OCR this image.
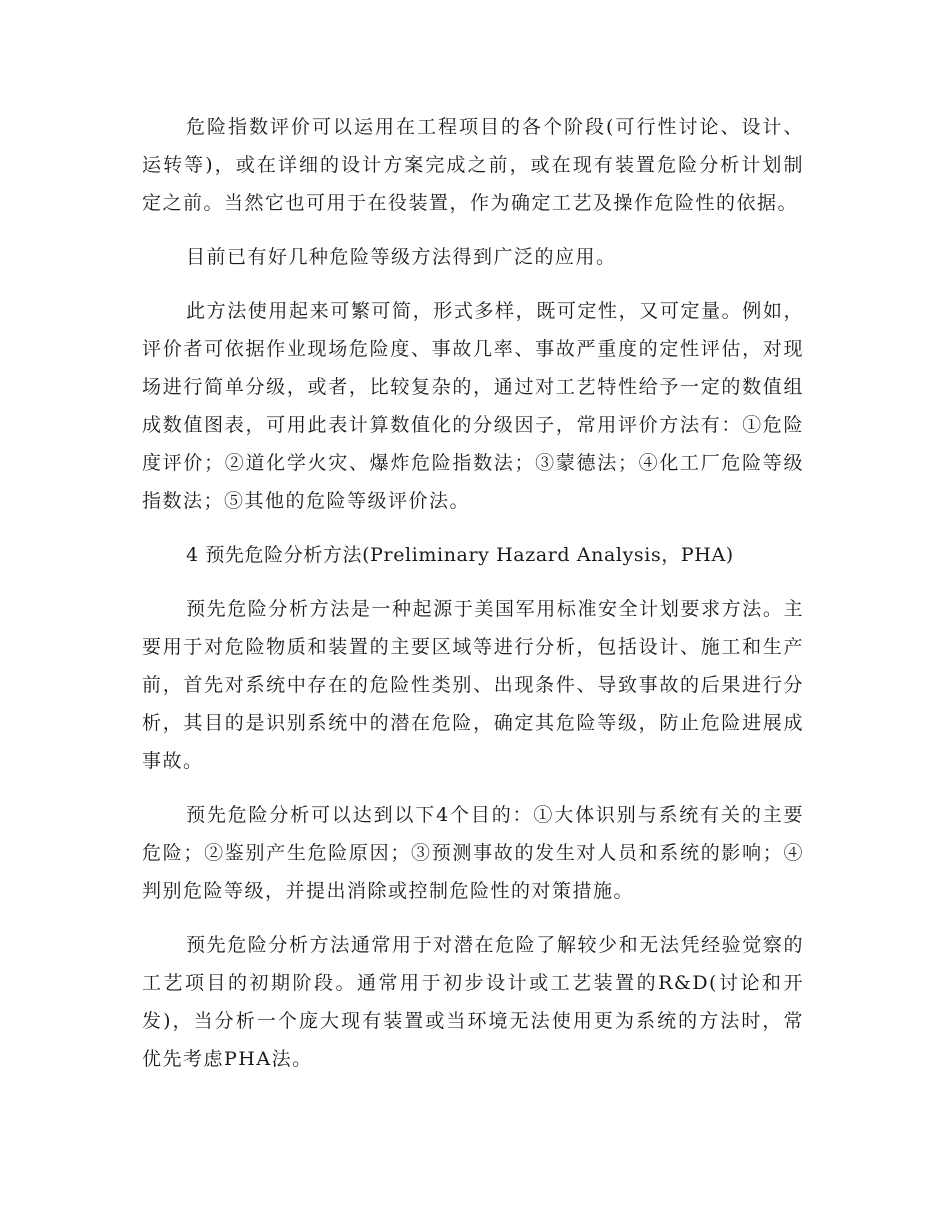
危险指数评价可以运用在工程项目的各个阶段(可行性讨论、设计、运转等)，或在详细的设计方案完成之前，或在现有装置危险分析计划制定之前。当然它也可用于在役装置，作为确定工艺及操作危险性的依据。

目前已有好几种危险等级方法得到广泛的应用。

此方法使用起来可繁可简，形式多样，既可定性，又可定量。例如，评价者可依据作业现场危险度、事故几率、事故严重度的定性评估，对现场进行简单分级，或者，比较复杂的，通过对工艺特性给予一定的数值组成数值图表，可用此表计算数值化的分级因子，常用评价方法有：①危险度评价；②道化学火灾、爆炸危险指数法；③蒙德法；④化工厂危险等级指数法；⑤其他的危险等级评价法。

4 预先危险分析方法(Preliminary Hazard Analysis，PHA)

预先危险分析方法是一种起源于美国军用标准安全计划要求方法。主要用于对危险物质和装置的主要区域等进行分析，包括设计、施工和生产前，首先对系统中存在的危险性类别、出现条件、导致事故的后果进行分析，其目的是识别系统中的潜在危险，确定其危险等级，防止危险进展成事故。

预先危险分析可以达到以下4个目的：①大体识别与系统有关的主要危险；②鉴别产生危险原因；③预测事故的发生对人员和系统的影响；④判别危险等级，并提出消除或控制危险性的对策措施。

预先危险分析方法通常用于对潜在危险了解较少和无法凭经验觉察的工艺项目的初期阶段。通常用于初步设计或工艺装置的R&D(讨论和开发)，当分析一个庞大现有装置或当环境无法使用更为系统的方法时，常优先考虑PHA法。
